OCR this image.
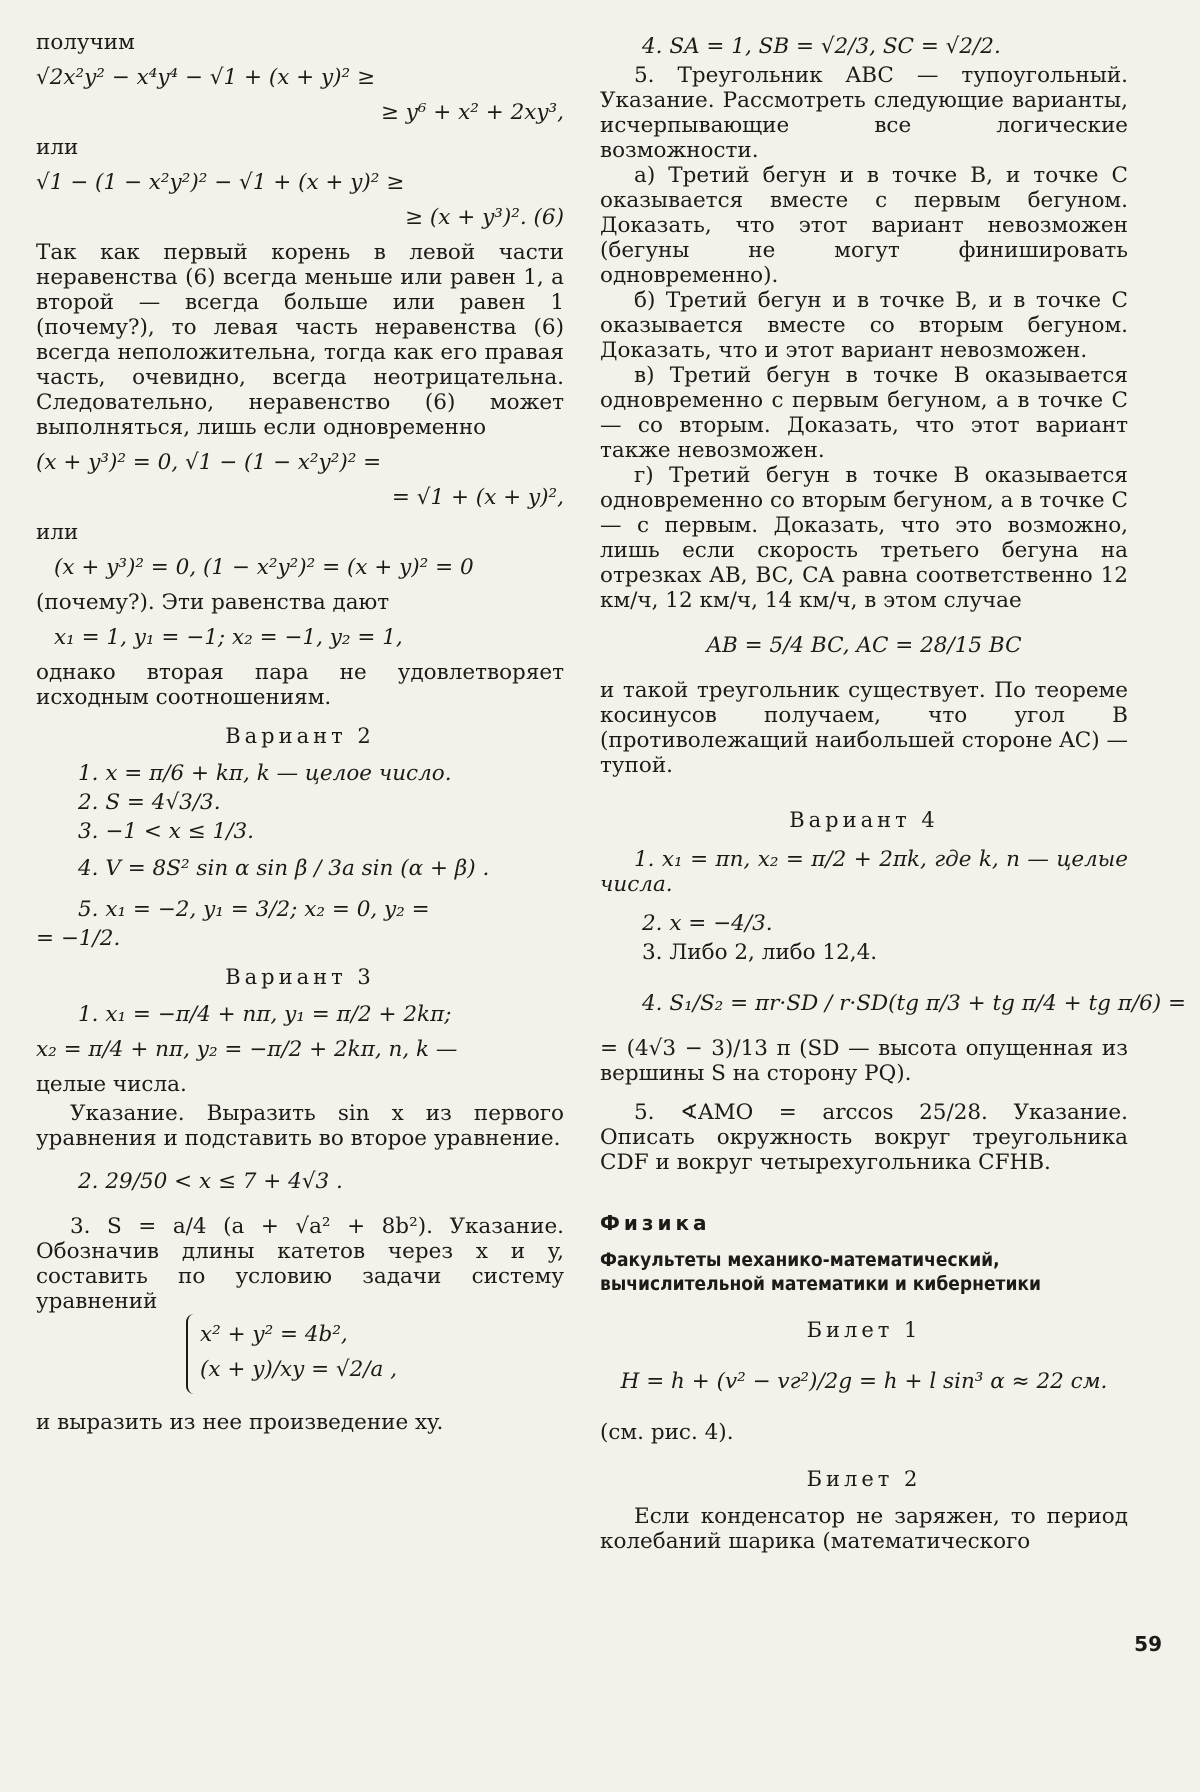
получим

√2x²y² − x⁴y⁴ − √1 + (x + y)² ≥
≥ y⁶ + x² + 2xy³,

или

√1 − (1 − x²y²)² − √1 + (x + y)² ≥
≥ (x + y³)². (6)

Так как первый корень в левой части неравенства (6) всегда меньше или равен 1, а второй — всегда больше или равен 1 (почему?), то левая часть неравенства (6) всегда неположительна, тогда как его правая часть, очевидно, всегда неотрицательна. Следовательно, неравенство (6) может выполняться, лишь если одновременно

(x + y³)² = 0, √1 − (1 − x²y²)² =
= √1 + (x + y)²,

или

(x + y³)² = 0, (1 − x²y²)² = (x + y)² = 0

(почему?). Эти равенства дают

x₁ = 1, y₁ = −1; x₂ = −1, y₂ = 1,

однако вторая пара не удовлетворяет исходным соотношениям.

Вариант 2
1. x = π/6 + kπ, k — целое число.
2. S = 4√3/3.
3. −1 < x ≤ 1/3.
4. V = 8S² sin α sin β / 3a sin (α + β) .
5. x₁ = −2, y₁ = 3/2; x₂ = 0, y₂ =
= −1/2.
Вариант 3
1. x₁ = −π/4 + nπ, y₁ = π/2 + 2kπ;
x₂ = π/4 + nπ, y₂ = −π/2 + 2kπ, n, k —
целые числа.

Указание. Выразить sin x из первого уравнения и подставить во второе уравнение.

2. 29/50 < x ≤ 7 + 4√3 .

3. S = a/4 (a + √a² + 8b²). Указание. Обозначив длины катетов через x и y, составить по условию задачи систему уравнений

x² + y² = 4b²,
(x + y)/xy = √2/a ,

и выразить из нее произведение xy.

4. SA = 1, SB = √2/3, SC = √2/2.

5. Треугольник ABC — тупоугольный. Указание. Рассмотреть следующие варианты, исчерпывающие все логические возможности.

а) Третий бегун и в точке B, и точке C оказывается вместе с первым бегуном. Доказать, что этот вариант невозможен (бегуны не могут финишировать одновременно).

б) Третий бегун и в точке B, и в точке C оказывается вместе со вторым бегуном. Доказать, что и этот вариант невозможен.

в) Третий бегун в точке B оказывается одновременно с первым бегуном, а в точке C — со вторым. Доказать, что этот вариант также невозможен.

г) Третий бегун в точке B оказывается одновременно со вторым бегуном, а в точке C — с первым. Доказать, что это возможно, лишь если скорость третьего бегуна на отрезках AB, BC, CA равна соответственно 12 км/ч, 12 км/ч, 14 км/ч, в этом случае

AB = 5/4 BC, AC = 28/15 BC

и такой треугольник существует. По теореме косинусов получаем, что угол B (противолежащий наибольшей стороне AC) — тупой.

Вариант 4

1. x₁ = πn, x₂ = π/2 + 2πk, где k, n — целые числа.

2. x = −4/3.
3. Либо 2, либо 12,4.
4. S₁/S₂ = πr·SD / r·SD(tg π/3 + tg π/4 + tg π/6) =

= (4√3 − 3)/13 π (SD — высота опущенная из вершины S на сторону PQ).

5. ∢AMO = arccos 25/28. Указание. Описать окружность вокруг треугольника CDF и вокруг четырехугольника CFHB.

Физика
Факультеты механико-математический, вычислительной математики и кибернетики
Билет 1
H = h + (v² − vг²)/2g = h + l sin³ α ≈ 22 см.

(см. рис. 4).

Билет 2

Если конденсатор не заряжен, то период колебаний шарика (математического

59
